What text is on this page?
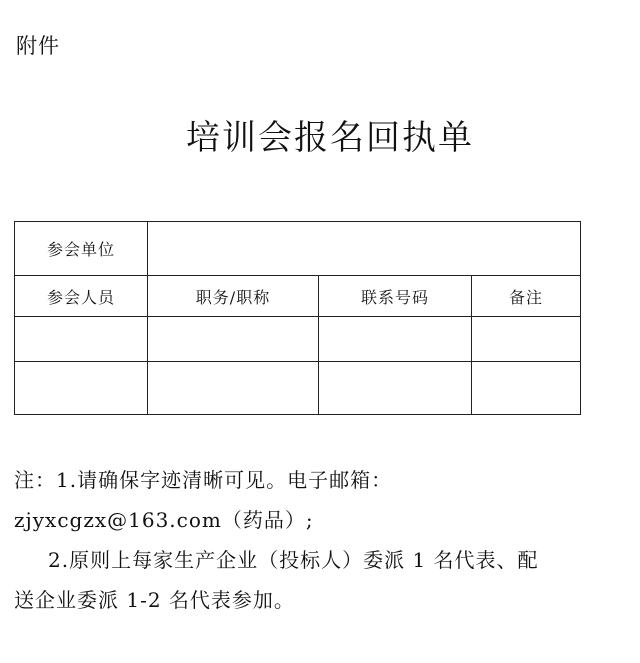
附件
培训会报名回执单
参会单位			
参会人员	职务/职称	联系号码	备注

注：1.请确保字迹清晰可见。电子邮箱：
zjyxcgzx@163.com（药品）;
2.原则上每家生产企业（投标人）委派 1 名代表、配
送企业委派 1-2 名代表参加。
